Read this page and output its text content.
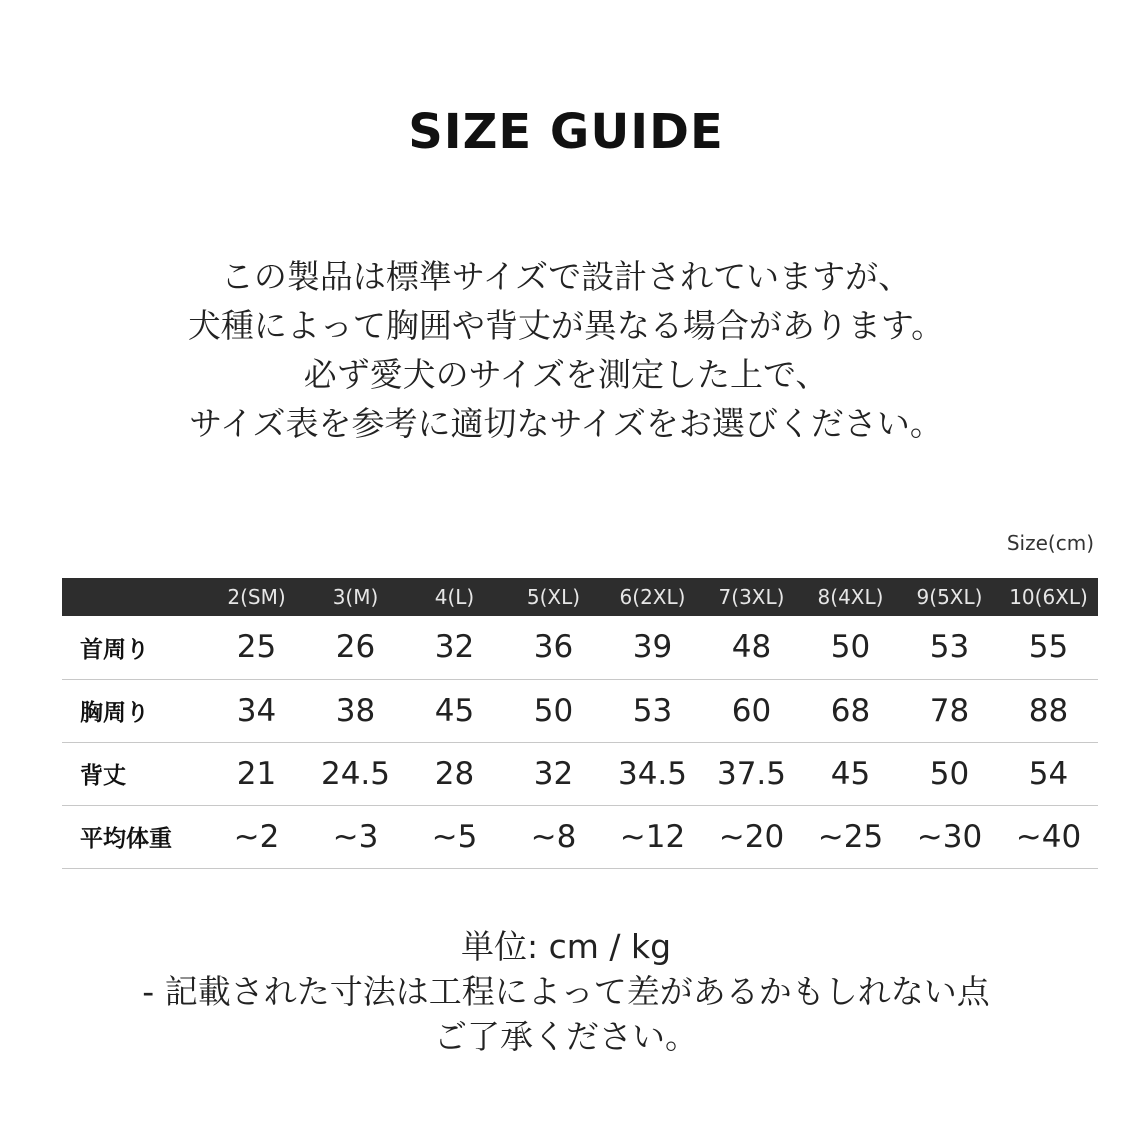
SIZE GUIDE
この製品は標準サイズで設計されていますが、
犬種によって胸囲や背丈が異なる場合があります。
必ず愛犬のサイズを測定した上で、
サイズ表を参考に適切なサイズをお選びください。
Size(cm)
	2(SM)	3(M)	4(L)	5(XL)	6(2XL)	7(3XL)	8(4XL)	9(5XL)	10(6XL)
首周り	25	26	32	36	39	48	50	53	55
胸周り	34	38	45	50	53	60	68	78	88
背丈	21	24.5	28	32	34.5	37.5	45	50	54
平均体重	~2	~3	~5	~8	~12	~20	~25	~30	~40
単位: cm / kg
- 記載された寸法は工程によって差があるかもしれない点
ご了承ください。
